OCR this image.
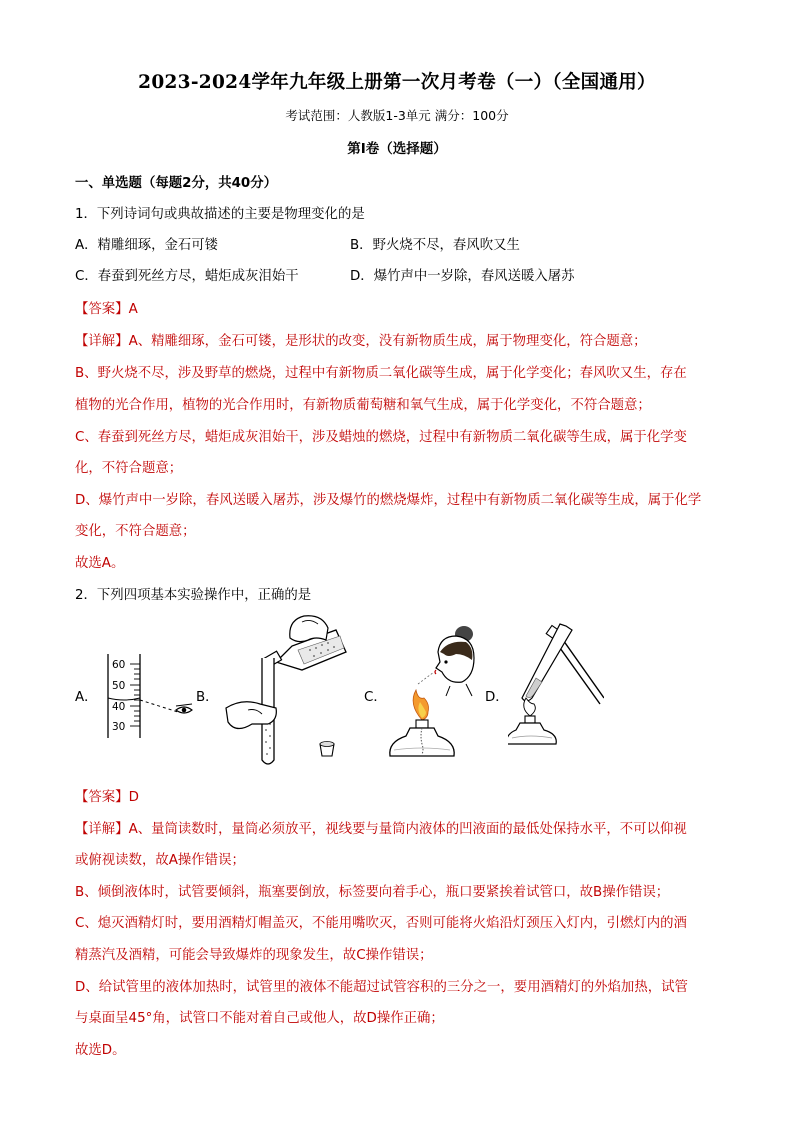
2023-2024学年九年级上册第一次月考卷（一）（全国通用）
考试范围：人教版1-3单元 满分：100分
第Ⅰ卷（选择题）
一、单选题（每题2分，共40分）
1．下列诗词句或典故描述的主要是物理变化的是
A．精雕细琢，金石可镂	B．野火烧不尽，春风吹又生
C．春蚕到死丝方尽，蜡炬成灰泪始干	D．爆竹声中一岁除，春风送暖入屠苏
【答案】A
【详解】A、精雕细琢，金石可镂，是形状的改变，没有新物质生成，属于物理变化，符合题意；
B、野火烧不尽，涉及野草的燃烧，过程中有新物质二氧化碳等生成，属于化学变化；春风吹又生，存在
植物的光合作用，植物的光合作用时，有新物质葡萄糖和氧气生成，属于化学变化，不符合题意；
C、春蚕到死丝方尽，蜡炬成灰泪始干，涉及蜡烛的燃烧，过程中有新物质二氧化碳等生成，属于化学变
化，不符合题意；
D、爆竹声中一岁除，春风送暖入屠苏，涉及爆竹的燃烧爆炸，过程中有新物质二氧化碳等生成，属于化学
变化，不符合题意；
故选A。
2．下列四项基本实验操作中，正确的是
A．	B．	C．	D．
60
50
40
30
【答案】D
【详解】A、量筒读数时，量筒必须放平，视线要与量筒内液体的凹液面的最低处保持水平，不可以仰视
或俯视读数，故A操作错误；
B、倾倒液体时，试管要倾斜，瓶塞要倒放，标签要向着手心，瓶口要紧挨着试管口，故B操作错误；
C、熄灭酒精灯时，要用酒精灯帽盖灭，不能用嘴吹灭，否则可能将火焰沿灯颈压入灯内，引燃灯内的酒
精蒸汽及酒精，可能会导致爆炸的现象发生，故C操作错误；
D、给试管里的液体加热时，试管里的液体不能超过试管容积的三分之一，要用酒精灯的外焰加热，试管
与桌面呈45°角，试管口不能对着自己或他人，故D操作正确；
故选D。
